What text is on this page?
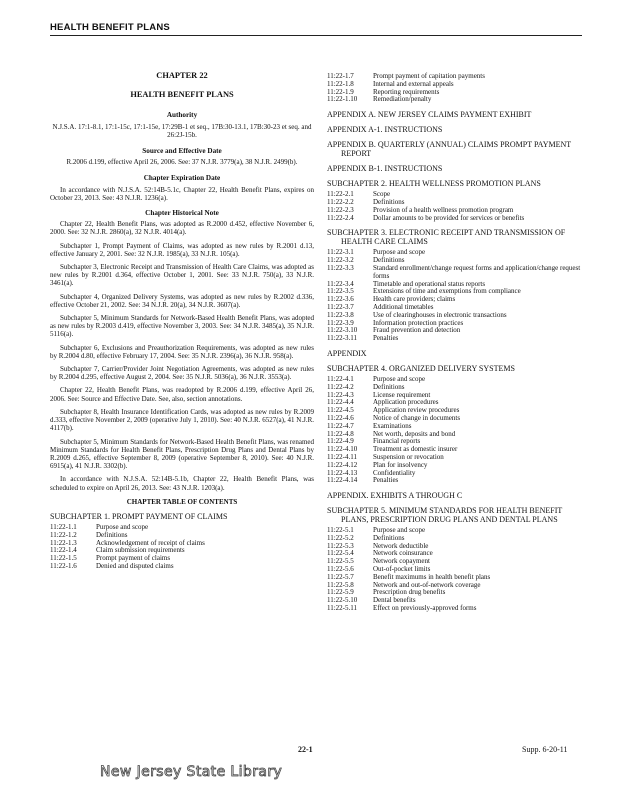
HEALTH BENEFIT PLANS
CHAPTER 22
HEALTH BENEFIT PLANS
Authority
N.J.S.A. 17:1-8.1, 17:1-15c, 17:1-15e, 17:29B-1 et seq., 17B:30-13.1, 17B:30-23 et seq. and 26:2J-15b.
Source and Effective Date
R.2006 d.199, effective April 26, 2006. See: 37 N.J.R. 3779(a), 38 N.J.R. 2499(b).
Chapter Expiration Date
In accordance with N.J.S.A. 52:14B-5.1c, Chapter 22, Health Benefit Plans, expires on October 23, 2013. See: 43 N.J.R. 1236(a).
Chapter Historical Note
Chapter 22, Health Benefit Plans, was adopted as R.2000 d.452, effective November 6, 2000. See: 32 N.J.R. 2860(a), 32 N.J.R. 4014(a).
Subchapter 1, Prompt Payment of Claims, was adopted as new rules by R.2001 d.13, effective January 2, 2001. See: 32 N.J.R. 1985(a), 33 N.J.R. 105(a).
Subchapter 3, Electronic Receipt and Transmission of Health Care Claims, was adopted as new rules by R.2001 d.364, effective October 1, 2001. See: 33 N.J.R. 750(a), 33 N.J.R. 3461(a).
Subchapter 4, Organized Delivery Systems, was adopted as new rules by R.2002 d.336, effective October 21, 2002. See: 34 N.J.R. 20(a), 34 N.J.R. 3607(a).
Subchapter 5, Minimum Standards for Network-Based Health Benefit Plans, was adopted as new rules by R.2003 d.419, effective November 3, 2003. See: 34 N.J.R. 3485(a), 35 N.J.R. 5116(a).
Subchapter 6, Exclusions and Preauthorization Requirements, was adopted as new rules by R.2004 d.80, effective February 17, 2004. See: 35 N.J.R. 2396(a), 36 N.J.R. 958(a).
Subchapter 7, Carrier/Provider Joint Negotiation Agreements, was adopted as new rules by R.2004 d.295, effective August 2, 2004. See: 35 N.J.R. 5036(a), 36 N.J.R. 3553(a).
Chapter 22, Health Benefit Plans, was readopted by R.2006 d.199, effective April 26, 2006. See: Source and Effective Date. See, also, section annotations.
Subchapter 8, Health Insurance Identification Cards, was adopted as new rules by R.2009 d.333, effective November 2, 2009 (operative July 1, 2010). See: 40 N.J.R. 6527(a), 41 N.J.R. 4117(b).
Subchapter 5, Minimum Standards for Network-Based Health Benefit Plans, was renamed Minimum Standards for Health Benefit Plans, Prescription Drug Plans and Dental Plans by R.2009 d.265, effective September 8, 2009 (operative September 8, 2010). See: 40 N.J.R. 6915(a), 41 N.J.R. 3302(b).
In accordance with N.J.S.A. 52:14B-5.1b, Chapter 22, Health Benefit Plans, was scheduled to expire on April 26, 2013. See: 43 N.J.R. 1203(a).
CHAPTER TABLE OF CONTENTS
SUBCHAPTER 1. PROMPT PAYMENT OF CLAIMS
11:22-1.1	Purpose and scope
11:22-1.2	Definitions
11:22-1.3	Acknowledgement of receipt of claims
11:22-1.4	Claim submission requirements
11:22-1.5	Prompt payment of claims
11:22-1.6	Denied and disputed claims
11:22-1.7	Prompt payment of capitation payments
11:22-1.8	Internal and external appeals
11:22-1.9	Reporting requirements
11:22-1.10	Remediation/penalty
APPENDIX A. NEW JERSEY CLAIMS PAYMENT EXHIBIT
APPENDIX A-1. INSTRUCTIONS
APPENDIX B. QUARTERLY (ANNUAL) CLAIMS PROMPT PAYMENT REPORT
APPENDIX B-1. INSTRUCTIONS
SUBCHAPTER 2. HEALTH WELLNESS PROMOTION PLANS
11:22-2.1	Scope
11:22-2.2	Definitions
11:22-2.3	Provision of a health wellness promotion program
11:22-2.4	Dollar amounts to be provided for services or benefits
SUBCHAPTER 3. ELECTRONIC RECEIPT AND TRANSMISSION OF HEALTH CARE CLAIMS
11:22-3.1	Purpose and scope
11:22-3.2	Definitions
11:22-3.3	Standard enrollment/change request forms and application/change request forms
11:22-3.4	Timetable and operational status reports
11:22-3.5	Extensions of time and exemptions from compliance
11:22-3.6	Health care providers; claims
11:22-3.7	Additional timetables
11:22-3.8	Use of clearinghouses in electronic transactions
11:22-3.9	Information protection practices
11:22-3.10	Fraud prevention and detection
11:22-3.11	Penalties
APPENDIX
SUBCHAPTER 4. ORGANIZED DELIVERY SYSTEMS
11:22-4.1	Purpose and scope
11:22-4.2	Definitions
11:22-4.3	License requirement
11:22-4.4	Application procedures
11:22-4.5	Application review procedures
11:22-4.6	Notice of change in documents
11:22-4.7	Examinations
11:22-4.8	Net worth, deposits and bond
11:22-4.9	Financial reports
11:22-4.10	Treatment as domestic insurer
11:22-4.11	Suspension or revocation
11:22-4.12	Plan for insolvency
11:22-4.13	Confidentiality
11:22-4.14	Penalties
APPENDIX. EXHIBITS A THROUGH C
SUBCHAPTER 5. MINIMUM STANDARDS FOR HEALTH BENEFIT PLANS, PRESCRIPTION DRUG PLANS AND DENTAL PLANS
11:22-5.1	Purpose and scope
11:22-5.2	Definitions
11:22-5.3	Network deductible
11:22-5.4	Network coinsurance
11:22-5.5	Network copayment
11:22-5.6	Out-of-pocket limits
11:22-5.7	Benefit maximums in health benefit plans
11:22-5.8	Network and out-of-network coverage
11:22-5.9	Prescription drug benefits
11:22-5.10	Dental benefits
11:22-5.11	Effect on previously-approved forms
22-1	Supp. 6-20-11
New Jersey State Library
